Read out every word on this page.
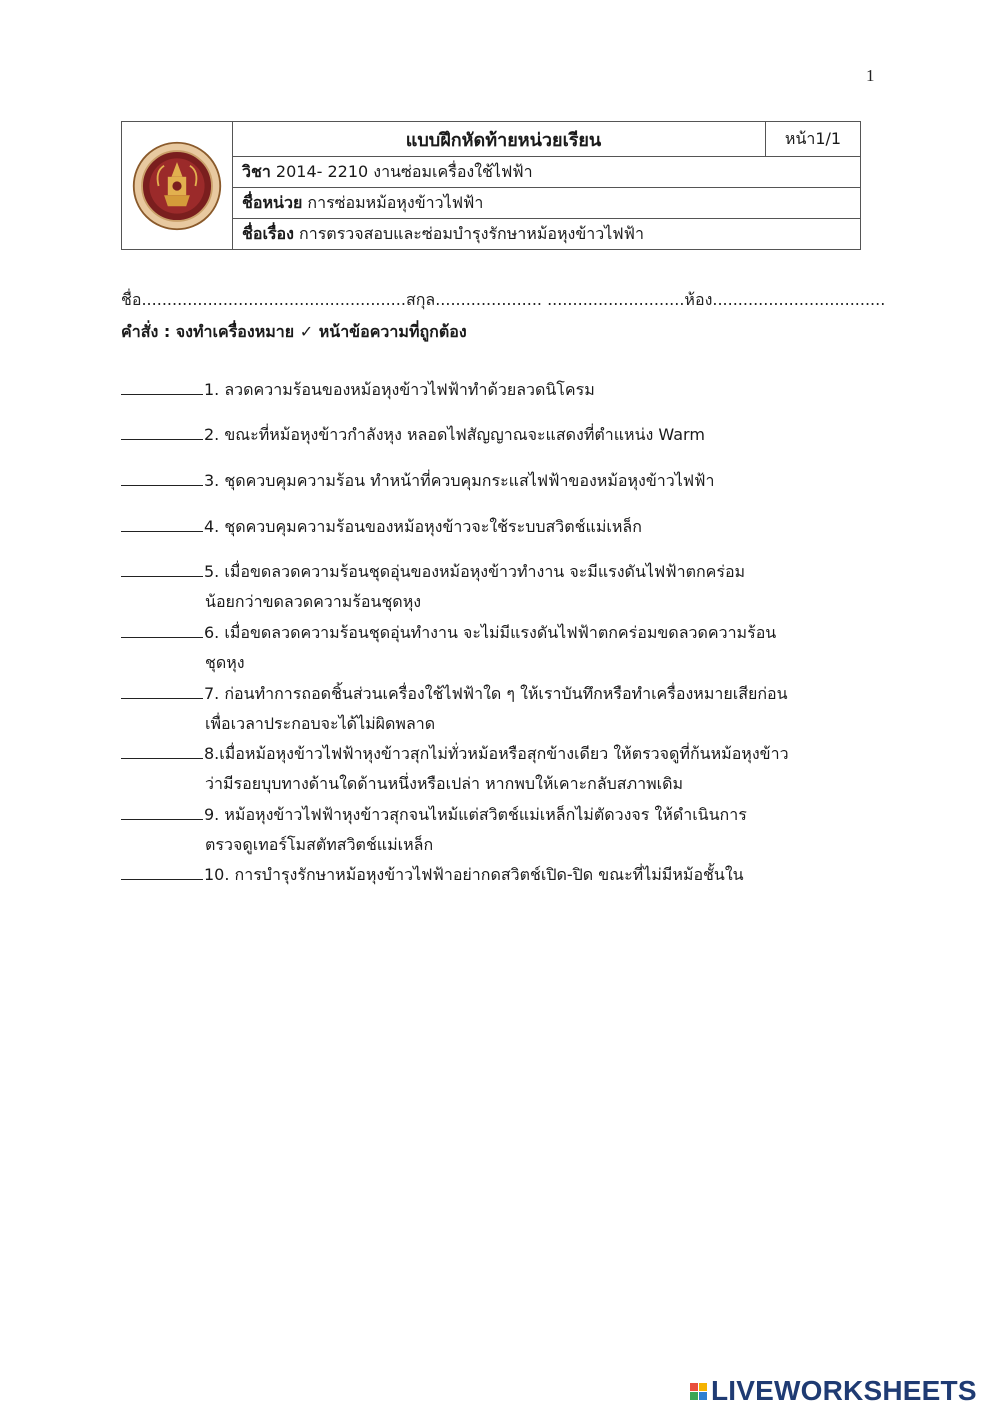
1
	แบบฝึกหัดท้ายหน่วยเรียน	หน้า1/1
วิชา 2014- 2210 งานซ่อมเครื่องใช้ไฟฟ้า
ชื่อหน่วย การซ่อมหม้อหุงข้าวไฟฟ้า
ชื่อเรื่อง การตรวจสอบและซ่อมบำรุงรักษาหม้อหุงข้าวไฟฟ้า
ชื่อ....................................................สกุล..................... ...........................ห้อง..................................
คำสั่ง : จงทำเครื่องหมาย ✓ หน้าข้อความที่ถูกต้อง
1. ลวดความร้อนของหม้อหุงข้าวไฟฟ้าทำด้วยลวดนิโครม
2. ขณะที่หม้อหุงข้าวกำลังหุง หลอดไฟสัญญาณจะแสดงที่ตำแหน่ง Warm
3. ชุดควบคุมความร้อน ทำหน้าที่ควบคุมกระแสไฟฟ้าของหม้อหุงข้าวไฟฟ้า
4. ชุดควบคุมความร้อนของหม้อหุงข้าวจะใช้ระบบสวิตช์แม่เหล็ก
5. เมื่อขดลวดความร้อนชุดอุ่นของหม้อหุงข้าวทำงาน จะมีแรงดันไฟฟ้าตกคร่อม
น้อยกว่าขดลวดความร้อนชุดหุง
6. เมื่อขดลวดความร้อนชุดอุ่นทำงาน จะไม่มีแรงดันไฟฟ้าตกคร่อมขดลวดความร้อน
ชุดหุง
7. ก่อนทำการถอดชิ้นส่วนเครื่องใช้ไฟฟ้าใด ๆ ให้เราบันทึกหรือทำเครื่องหมายเสียก่อน
เพื่อเวลาประกอบจะได้ไม่ผิดพลาด
8.เมื่อหม้อหุงข้าวไฟฟ้าหุงข้าวสุกไม่ทั่วหม้อหรือสุกข้างเดียว ให้ตรวจดูที่ก้นหม้อหุงข้าว
ว่ามีรอยบุบทางด้านใดด้านหนึ่งหรือเปล่า หากพบให้เคาะกลับสภาพเดิม
9. หม้อหุงข้าวไฟฟ้าหุงข้าวสุกจนไหม้แต่สวิตช์แม่เหล็กไม่ตัดวงจร ให้ดำเนินการ
ตรวจดูเทอร์โมสตัทสวิตช์แม่เหล็ก
10. การบำรุงรักษาหม้อหุงข้าวไฟฟ้าอย่ากดสวิตช์เปิด-ปิด ขณะที่ไม่มีหม้อชั้นใน
LIVEWORKSHEETS
